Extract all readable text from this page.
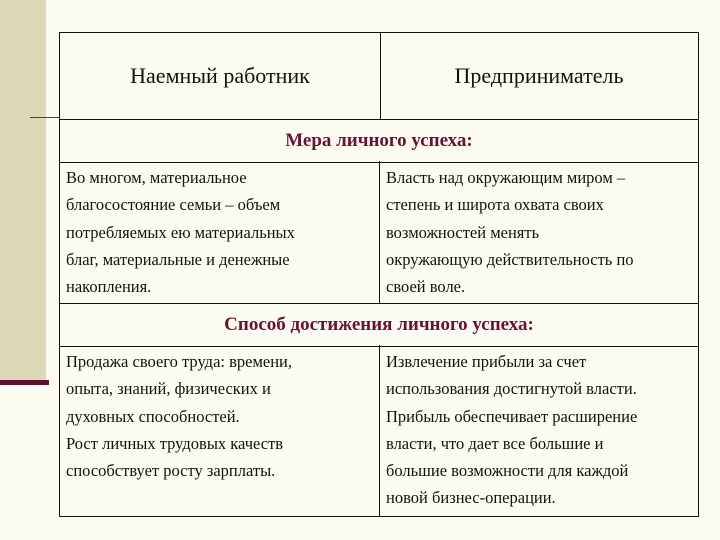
Наемный работник	Предприниматель
Мера личного успеха:
Во многом, материальное
благосостояние семьи – объем
потребляемых ею материальных
благ, материальные и денежные
накопления.
Власть над окружающим миром –
степень и широта охвата своих
возможностей менять
окружающую действительность по
своей воле.
Способ достижения личного успеха:
Продажа своего труда: времени,
опыта, знаний, физических и
духовных способностей.
Рост личных трудовых качеств
способствует росту зарплаты.
Извлечение прибыли за счет
использования достигнутой власти.
Прибыль обеспечивает расширение
власти, что дает все большие и
большие возможности для каждой
новой бизнес-операции.
